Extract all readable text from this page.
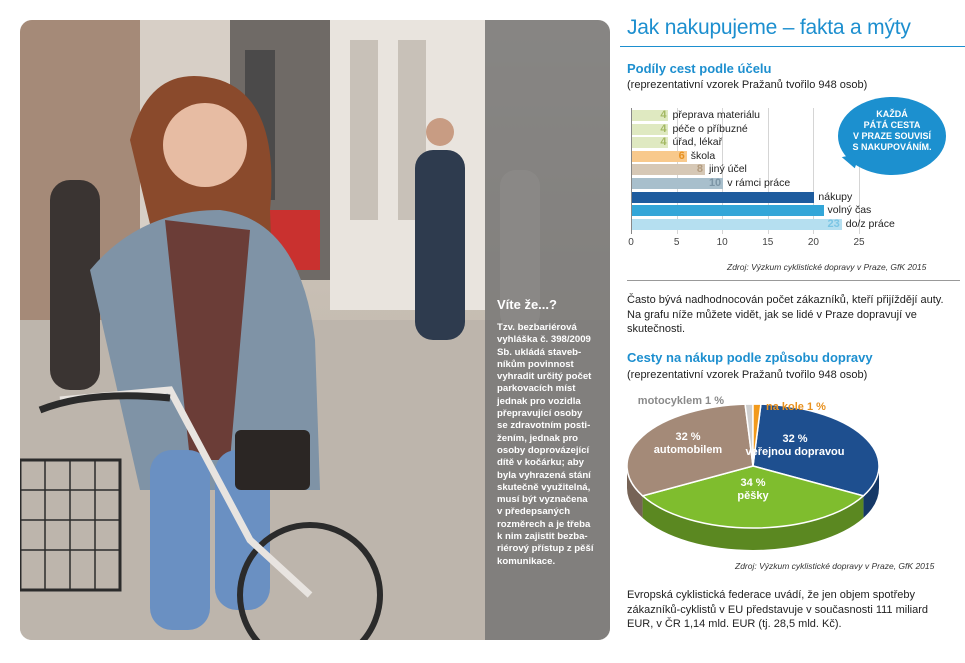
Víte že...?
Tzv. bezbariérová
vyhláška č. 398/2009
Sb. ukládá staveb-
níkům povinnost
vyhradit určitý počet
parkovacích míst
jednak pro vozidla
přepravující osoby
se zdravotním posti-
žením, jednak pro
osoby doprovázející
dítě v kočárku; aby
byla vyhrazená stání
skutečně využitelná,
musí být vyznačena
v předepsaných
rozměrech a je třeba
k nim zajistit bezba-
riérový přístup z pěší
komunikace.
Jak nakupujeme – fakta a mýty
Podíly cest podle účelu
(reprezentativní vzorek Pražanů tvořilo 948 osob)
0	5	10	15	20	25
4 přeprava materiálu
4 péče o příbuzné
4 úřad, lékař
6 škola
8 jiný účel
10 v rámci práce
20 nákupy
21 volný čas
23 do/z práce
KAŽDÁ
PÁTÁ CESTA
V PRAZE SOUVISÍ
S NAKUPOVÁNÍM.
Zdroj: Výzkum cyklistické dopravy v Praze, GfK 2015
Často bývá nadhodnocován počet zákazníků, kteří přijíždějí auty. Na grafu níže můžete vidět, jak se lidé v Praze dopravují ve skutečnosti.
Cesty na nákup podle způsobu dopravy
(reprezentativní vzorek Pražanů tvořilo 948 osob)
32 % veřejnou dopravou
34 % pěšky
32 % automobilem
motocyklem 1 %	na kole 1 %
Zdroj: Výzkum cyklistické dopravy v Praze, GfK 2015
Evropská cyklistická federace uvádí, že jen objem spotřeby zákazníků-cyklistů v EU představuje v současnosti 111 miliard EUR, v ČR 1,14 mld. EUR (tj. 28,5 mld. Kč).
